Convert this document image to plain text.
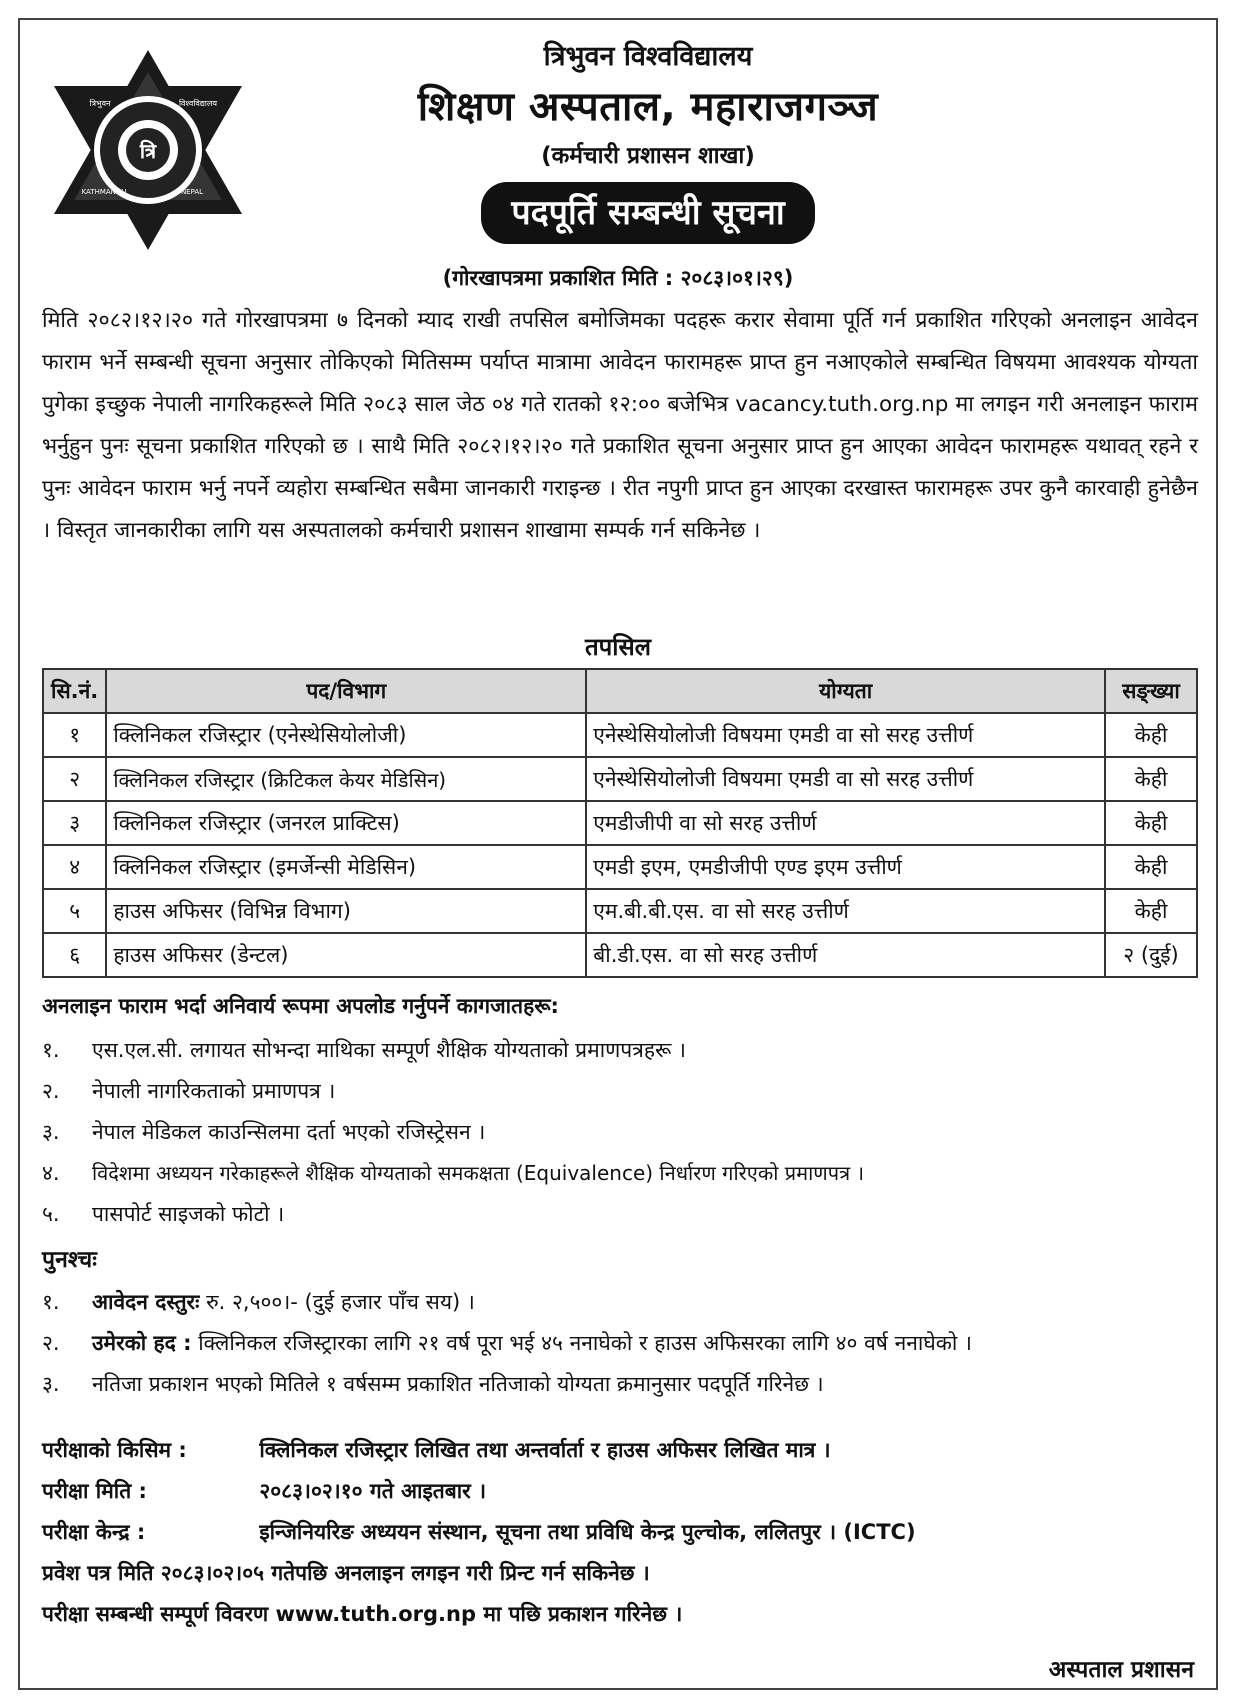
त्रि
त्रिभुवन	विश्वविद्यालय
KATHMANDU	NEPAL
त्रिभुवन विश्वविद्यालय
शिक्षण अस्पताल, महाराजगञ्ज
(कर्मचारी प्रशासन शाखा)
पदपूर्ति सम्बन्धी सूचना
(गोरखापत्रमा प्रकाशित मिति : २०८३।०१।२९)
मिति २०८२।१२।२० गते गोरखापत्रमा ७ दिनको म्याद राखी तपसिल बमोजिमका पदहरू करार सेवामा पूर्ति गर्न प्रकाशित गरिएको अनलाइन आवेदन फाराम भर्ने सम्बन्धी सूचना अनुसार तोकिएको मितिसम्म पर्याप्त मात्रामा आवेदन फारामहरू प्राप्त हुन नआएकोले सम्बन्धित विषयमा आवश्यक योग्यता पुगेका इच्छुक नेपाली नागरिकहरूले मिति २०८३ साल जेठ ०४ गते रातको १२:०० बजेभित्र vacancy.tuth.org.np मा लगइन गरी अनलाइन फाराम भर्नुहुन पुनः सूचना प्रकाशित गरिएको छ । साथै मिति २०८२।१२।२० गते प्रकाशित सूचना अनुसार प्राप्त हुन आएका आवेदन फारामहरू यथावत् रहने र पुनः आवेदन फाराम भर्नु नपर्ने व्यहोरा सम्बन्धित सबैमा जानकारी गराइन्छ । रीत नपुगी प्राप्त हुन आएका दरखास्त फारामहरू उपर कुनै कारवाही हुनेछैन । विस्तृत जानकारीका लागि यस अस्पतालको कर्मचारी प्रशासन शाखामा सम्पर्क गर्न सकिनेछ ।
तपसिल
सि.नं.	पद/विभाग	योग्यता	सङ्ख्या
१	क्लिनिकल रजिस्ट्रार (एनेस्थेसियोलोजी)	एनेस्थेसियोलोजी विषयमा एमडी वा सो सरह उत्तीर्ण	केही
२	क्लिनिकल रजिस्ट्रार (क्रिटिकल केयर मेडिसिन)	एनेस्थेसियोलोजी विषयमा एमडी वा सो सरह उत्तीर्ण	केही
३	क्लिनिकल रजिस्ट्रार (जनरल प्राक्टिस)	एमडीजीपी वा सो सरह उत्तीर्ण	केही
४	क्लिनिकल रजिस्ट्रार (इमर्जेन्सी मेडिसिन)	एमडी इएम, एमडीजीपी एण्ड इएम उत्तीर्ण	केही
५	हाउस अफिसर (विभिन्न विभाग)	एम.बी.बी.एस. वा सो सरह उत्तीर्ण	केही
६	हाउस अफिसर (डेन्टल)	बी.डी.एस. वा सो सरह उत्तीर्ण	२ (दुई)
अनलाइन फाराम भर्दा अनिवार्य रूपमा अपलोड गर्नुपर्ने कागजातहरू:
१.	एस.एल.सी. लगायत सोभन्दा माथिका सम्पूर्ण शैक्षिक योग्यताको प्रमाणपत्रहरू ।
२.	नेपाली नागरिकताको प्रमाणपत्र ।
३.	नेपाल मेडिकल काउन्सिलमा दर्ता भएको रजिस्ट्रेसन ।
४.	विदेशमा अध्ययन गरेकाहरूले शैक्षिक योग्यताको समकक्षता (Equivalence) निर्धारण गरिएको प्रमाणपत्र ।
५.	पासपोर्ट साइजको फोटो ।
पुनश्चः
१.	आवेदन दस्तुरः रु. २,५००।- (दुई हजार पाँच सय) ।
२.	उमेरको हद : क्लिनिकल रजिस्ट्रारका लागि २१ वर्ष पूरा भई ४५ ननाघेको र हाउस अफिसरका लागि ४० वर्ष ननाघेको ।
३.	नतिजा प्रकाशन भएको मितिले १ वर्षसम्म प्रकाशित नतिजाको योग्यता क्रमानुसार पदपूर्ति गरिनेछ ।
परीक्षाको किसिम :	क्लिनिकल रजिस्ट्रार लिखित तथा अन्तर्वार्ता र हाउस अफिसर लिखित मात्र ।
परीक्षा मिति :	२०८३।०२।१० गते आइतबार ।
परीक्षा केन्द्र :	इन्जिनियरिङ अध्ययन संस्थान, सूचना तथा प्रविधि केन्द्र पुल्चोक, ललितपुर । (ICTC)
प्रवेश पत्र मिति २०८३।०२।०५ गतेपछि अनलाइन लगइन गरी प्रिन्ट गर्न सकिनेछ ।
परीक्षा सम्बन्धी सम्पूर्ण विवरण www.tuth.org.np मा पछि प्रकाशन गरिनेछ ।
अस्पताल प्रशासन
